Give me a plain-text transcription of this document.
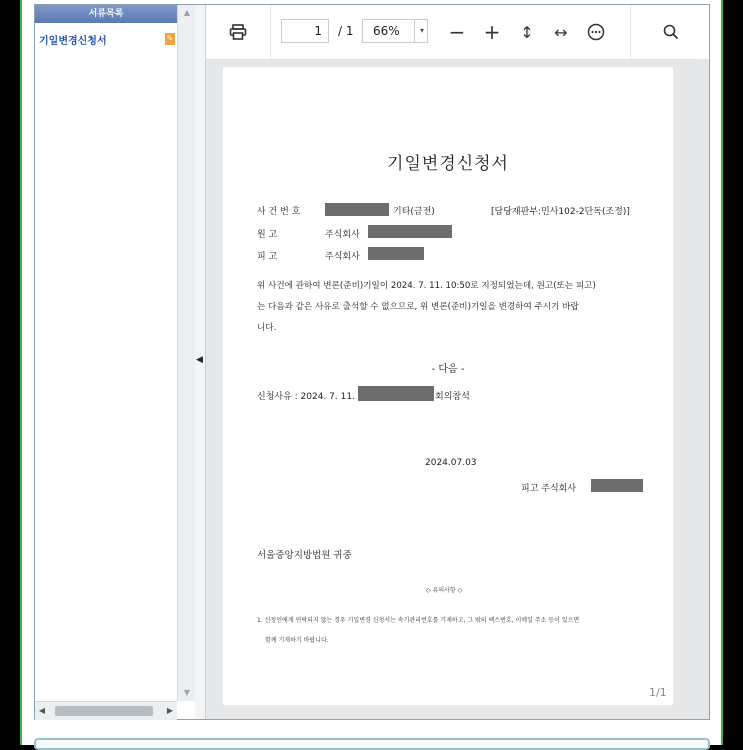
서류목록
기일변경신청서	✎
▲
▼
◀	▶
◀
1	/ 1	66%	▾	− +	↕	↔
기일변경신청서
사 건 번 호	기타(금전)	[담당재판부:민사102-2단독(조정)]
원 고	주식회사
피 고	주식회사
위 사건에 관하여 변론(준비)기일이 2024. 7. 11. 10:50로 지정되었는데, 원고(또는 피고)
는 다음과 같은 사유로 출석할 수 없으므로, 위 변론(준비)기일을 변경하여 주시기 바랍
니다.
- 다음 -
신청사유 : 2024. 7. 11.	회의참석
2024.07.03
피고 주식회사
서울중앙지방법원 귀중
◇ 유의사항 ◇
1. 신청인에게 연락되지 않는 경우 기일변경 신청서는 속기관리번호를 기재하고, 그 밖의 팩스번호, 이메일 주소 등이 있으면
함께 기재하기 바랍니다.
1/1
